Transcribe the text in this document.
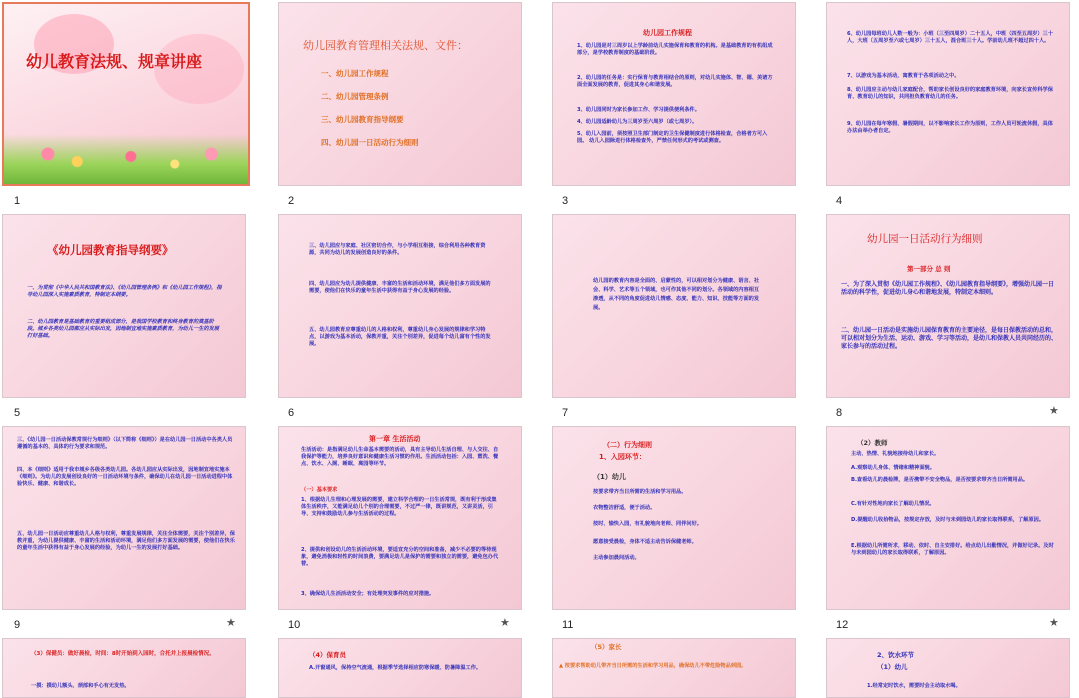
幼儿教育法规、规章讲座
1
幼儿园教育管理相关法规、文件：
一、幼儿园工作规程
二、幼儿园管理条例
三、幼儿园教育指导纲要
四、幼儿园一日活动行为细则
2
幼儿园工作规程
1、幼儿园是对三周岁以上学龄前幼儿实施保育和教育的机构。是基础教育的有机组成部分，是学校教育制度的基础阶段。
2、幼儿园的任务是：实行保育与教育相结合的原则，对幼儿实施体、智、德、美诸方面全面发展的教育，促进其身心和谐发展。
3、幼儿园同时为家长参加工作、学习提供便利条件。
4、幼儿园适龄幼儿为三周岁至六周岁（或七周岁）。
5、幼儿入园前，须按照卫生部门制定的卫生保健制度进行体格检查，合格者方可入园。 幼儿入园除进行体格检查外，严禁任何形式的考试或测查。
3
6、幼儿园每班幼儿人数一般为：小班（三至四周岁）二十五人，中班（四至五周岁）三十人，大班（五周岁至六或七周岁）三十五人，混合班三十人。学前幼儿班不超过四十人。
7、以游戏为基本活动，寓教育于各项活动之中。
8、幼儿园应主动与幼儿家庭配合，帮助家长创设良好的家庭教育环境，向家长宣传科学保育、教育幼儿的知识，共同担负教育幼儿的任务。
9、幼儿园在每年寒假、暑假期间，以不影响家长工作为原则，工作人员可轮流休假，具体办法由举办者自定。
4
《幼儿园教育指导纲要》
一、为贯彻《中华人民共和国教育法》、《幼儿园管理条例》和《幼儿园工作规程》，指导幼儿园深入实施素质教育，特制定本纲要。
二、幼儿园教育是基础教育的重要组成部分，是我国学校教育和终身教育的奠基阶段。城乡各类幼儿园都应从实际出发，因地制宜地实施素质教育，为幼儿一生的发展打好基础。
5
三、幼儿园应与家庭、社区密切合作，与小学相互衔接，综合利用各种教育资源，共同为幼儿的发展创造良好的条件。
四、幼儿园应为幼儿提供健康、丰富的生活和活动环境，满足他们多方面发展的需要，使他们在快乐的童年生活中获得有益于身心发展的经验。
五、幼儿园教育应尊重幼儿的人格和权利，尊重幼儿身心发展的规律和学习特点，以游戏为基本活动，保教并重，关注个别差异，促进每个幼儿富有个性的发展。
6
幼儿园的教育内容是全面的、启蒙性的，可以相对划分为健康、语言、社会、科学、艺术等五个领域，也可作其他不同的划分。各领域的内容相互渗透，从不同的角度促进幼儿情感、态度、能力、知识、技能等方面的发展。
7
幼儿园一日活动行为细则
第一部分 总 则
一、为了深入贯彻《幼儿园工作规程》、《幼儿园教育指导纲要》，增强幼儿园一日活动的科学性，促进幼儿身心和谐地发展，特制定本细则。
二、幼儿园一日活动是实施幼儿园保育教育的主要途径，是每日保教活动的总和，可以相对划分为生活、运动、游戏、学习等活动，是幼儿和保教人员共同经历的、家长参与的活动过程。
8	★
三、《幼儿园一日活动保教常规行为细则》（以下简称《细则》）是在幼儿园一日活动中各类人员遵循的基本的、具体的行为要求和规范。
四、本《细则》适用于我市城乡各级各类幼儿园。各幼儿园应从实际出发，因地制宜地实施本《细则》。为幼儿的发展创设良好的一日活动环境与条件，确保幼儿在幼儿园一日活动进程中体验快乐、健康、和谐成长。
五、幼儿园一日活动应尊重幼儿人格与权利，尊重发展规律，关注全体需要，关注个别差异，保教并重，为幼儿提供健康、丰富的生活和活动环境，满足他们多方面发展的需要，使他们在快乐的童年生活中获得有益于身心发展的经验，为幼儿一生的发展打好基础。
9	★
第一章 生活活动
生活活动：是指满足幼儿生命基本需要的活动，具有主导幼儿生活自理、与人交往、自我保护等能力，培养良好意识和健康生活习惯的作用。生活活动包括：入园、盥洗、餐点、饮水、入厕、睡眠、离园等环节。
（一）基本要求
1、根据幼儿生理和心理发展的需要，建立科学合理的一日生活常规，既有利于形成集体生活秩序，又能满足幼儿个别的合理需要，不过严一律，既讲规范，又讲灵活，引导、支持和鼓励幼儿参与生活活动的过程。
2、提供和创设幼儿的生活活动环境，要适宜充分的空间和准备，减少不必要的等待现象，避免消极和轻性的时间浪费，要满足幼儿是保护的需要和独立的需要，避免包办代替。
3、确保幼儿生活活动安全；有处理突发事件的应对措施。
10	★
（二）行为细则
1、入园环节：
（1）幼儿
按要求带齐当日所需的生活和学习用品。
衣物整洁舒适，便于活动。
按时、愉快入园，有礼貌地向老师、同伴问好。
愿意接受晨检，身体不适主动告诉保健老师。
主动参加晨间活动。
11
（2）教师
主动、热情、礼貌地接待幼儿和家长。
A.观察幼儿身体、情绪和精神面貌。
B.查看幼儿的晨检牌，是否携带不安全物品，是否按要求带齐当日所需用品。
C.有针对性地向家长了解幼儿情况。
D.提醒幼儿收拾物品，按规定存放，及时与未到园幼儿的家长取得联系，了解原因。
E.根据幼儿所需所求，移动、依时、自主安排好。给点幼儿出勤情况，并做好记录。及时与未到园幼儿的家长取得联系，了解原因。
12	★
（3）保健员：做好晨检，时间：8时开始到入园时，合托并上报晨检情况。
一摸：摸幼儿额头、颈部和手心有无发热。
（4）保育员
A.开窗通风，保持空气流通，根据季节选择相应防寒保暖、防暑降温工作。
（5）家长
▲ 按要求帮助幼儿带齐当日所需的生活和学习用品，确保幼儿不带危险物品到园。
2、饮水环节
（1）幼儿
1.经常定时饮水，需要时会主动取水喝。
